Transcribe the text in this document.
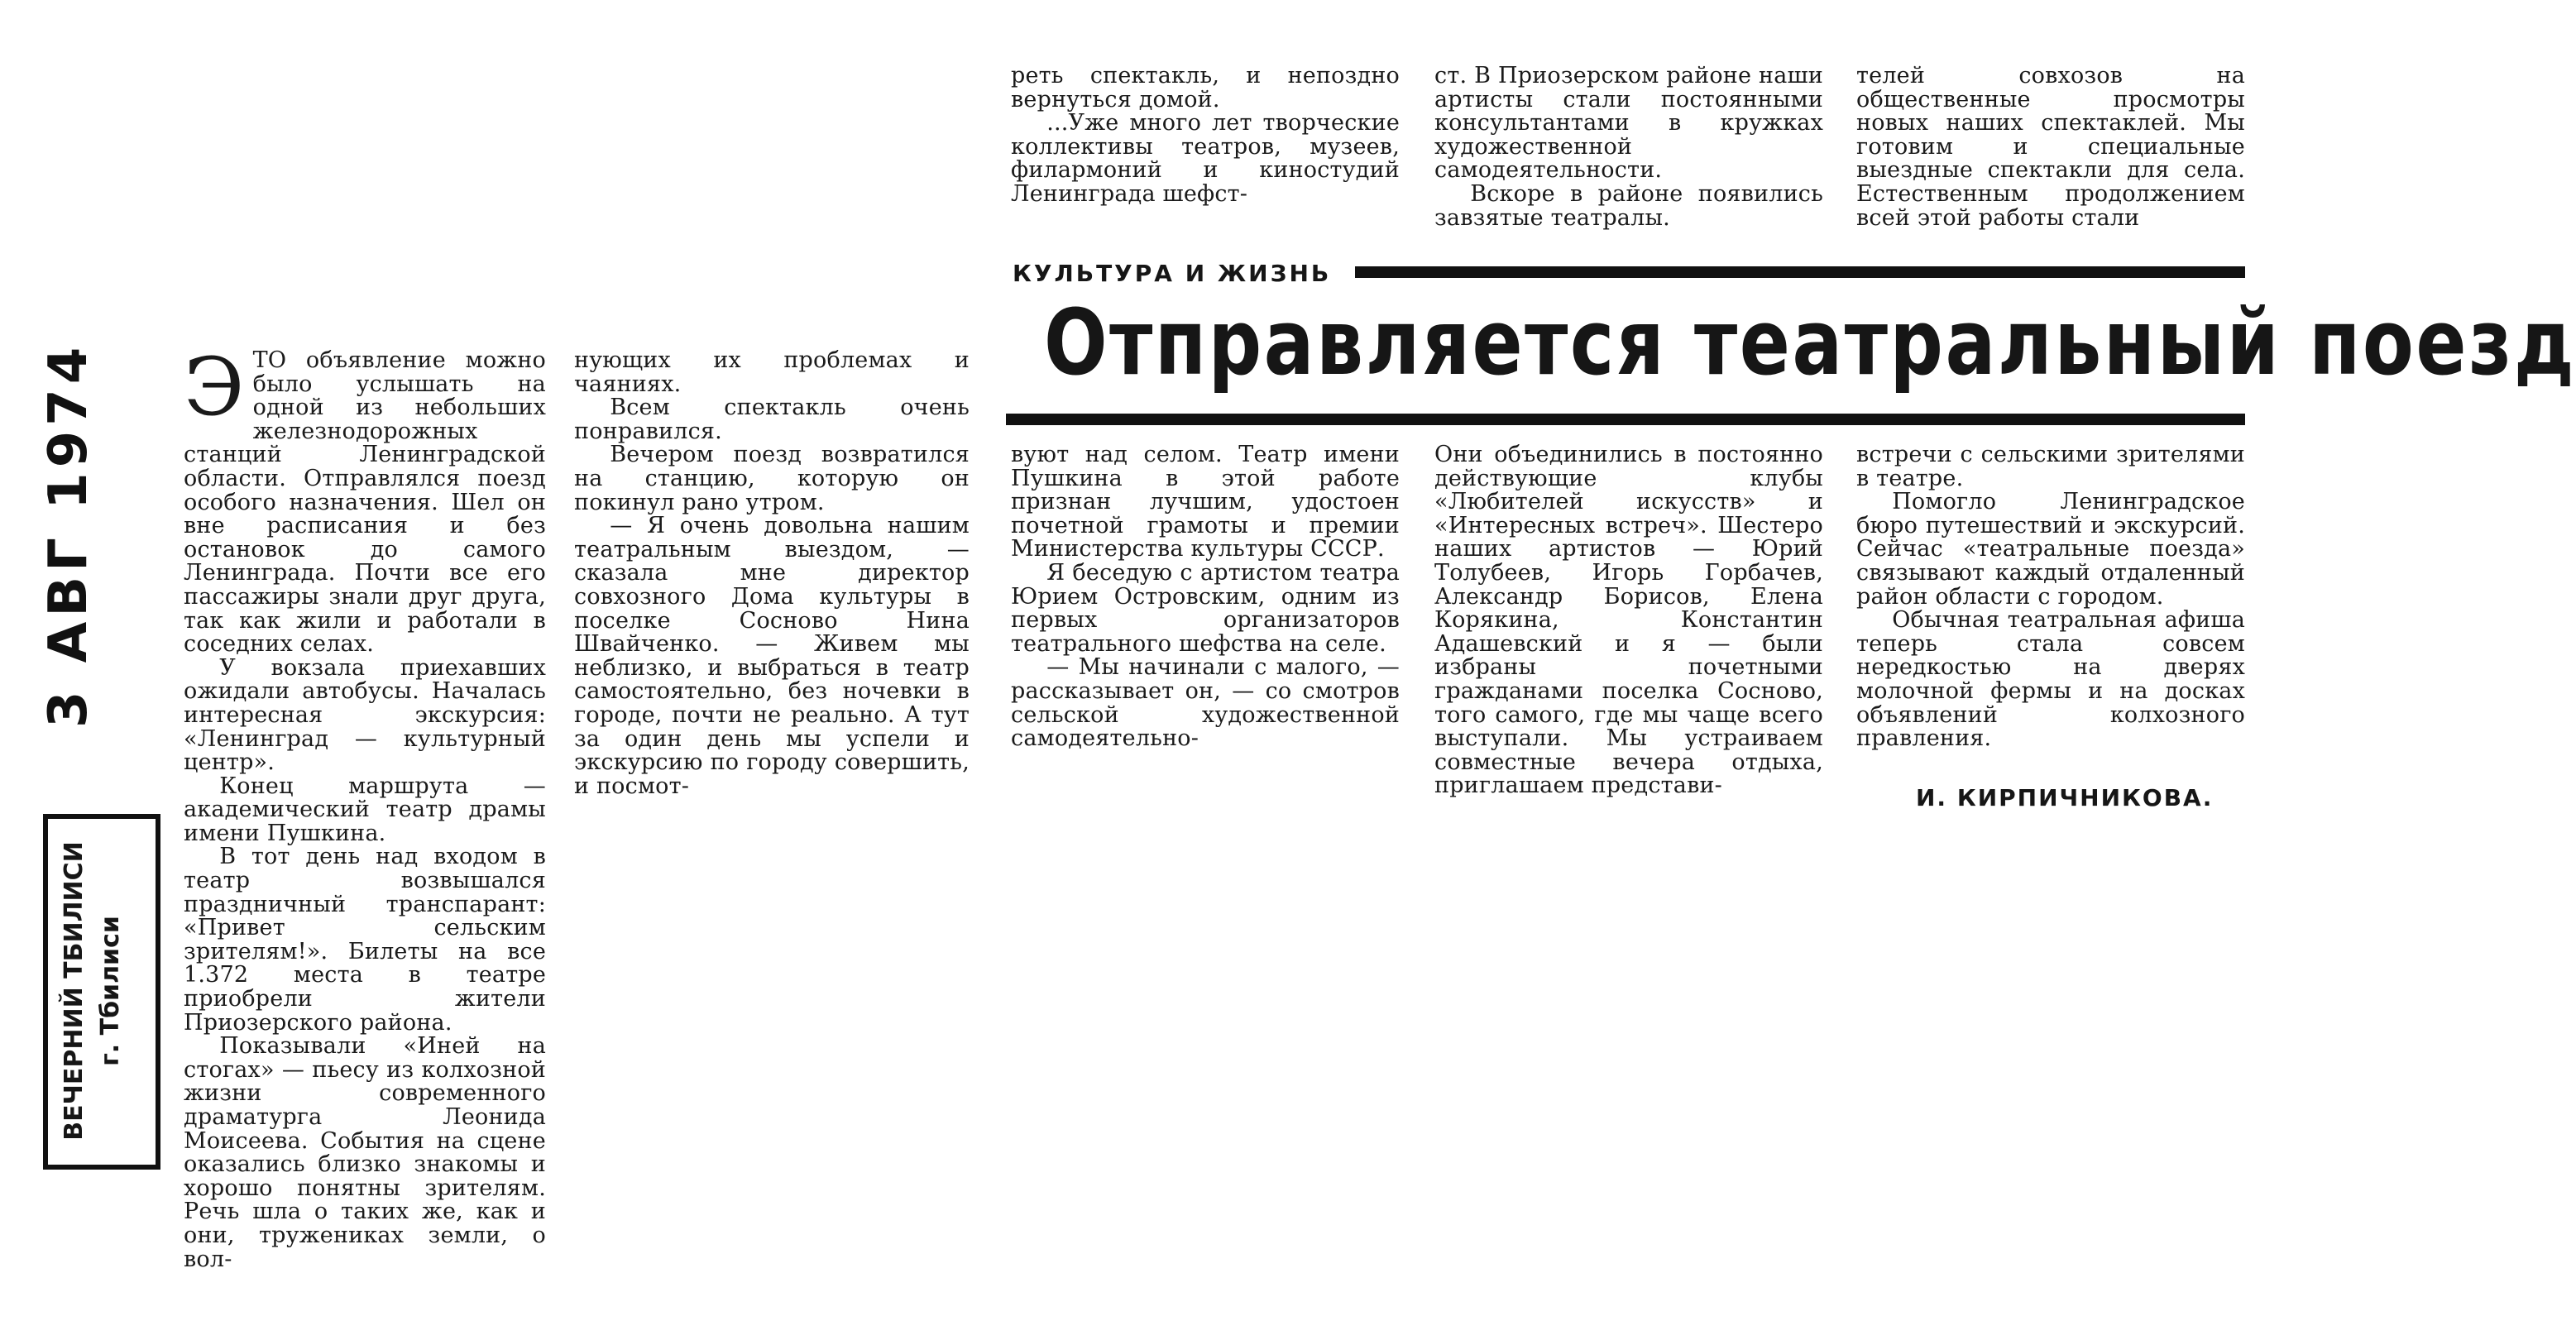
3 АВГ 1974
ВЕЧЕРНИЙ ТБИЛИСИ г. Тбилиси
Э ТО объявление можно было услышать на одной из небольших железнодорожных станций Ленинградской области. Отправлялся поезд особого назначения. Шел он вне расписания и без остановок до самого Ленинграда. Почти все его пассажиры знали друг друга, так как жили и работали в соседних селах.

У вокзала приехавших ожидали автобусы. Началась интересная экскурсия: «Ленинград — культурный центр».

Конец маршрута — академический театр драмы имени Пушкина.

В тот день над входом в театр возвышался праздничный транспарант: «Привет сельским зрителям!». Билеты на все 1.372 места в театре приобрели жители Приозерского района.

Показывали «Иней на стогах» — пьесу из колхозной жизни современного драматурга Леонида Моисеева. События на сцене оказались близко знакомы и хорошо понятны зрителям. Речь шла о таких же, как и они, тружениках земли, о вол-

нующих их проблемах и чаяниях.

Всем спектакль очень понравился.

Вечером поезд возвратился на станцию, которую он покинул рано утром.

— Я очень довольна нашим театральным выездом, — сказала мне директор совхозного Дома культуры в поселке Сосново Нина Швайченко. — Живем мы неблизко, и выбраться в театр самостоятельно, без ночевки в городе, почти не реально. А тут за один день мы успели и экскурсию по городу совершить, и посмот-

реть спектакль, и непоздно вернуться домой.

...Уже много лет творческие коллективы театров, музеев, филармоний и киностудий Ленинграда шефст-

ст. В Приозерском районе наши артисты стали постоянными консультантами в кружках художественной самодеятельности.

Вскоре в районе появились завзятые театралы.

телей совхозов на общественные просмотры новых наших спектаклей. Мы готовим и специальные выездные спектакли для села. Естественным продолжением всей этой работы стали

КУЛЬТУРА И ЖИЗНЬ
Отправляется театральный поезд

вуют над селом. Театр имени Пушкина в этой работе признан лучшим, удостоен почетной грамоты и премии Министерства культуры СССР.

Я беседую с артистом театра Юрием Островским, одним из первых организаторов театрального шефства на селе.

— Мы начинали с малого, — рассказывает он, — со смотров сельской художественной самодеятельно-

Они объединились в постоянно действующие клубы «Любителей искусств» и «Интересных встреч». Шестеро наших артистов — Юрий Толубеев, Игорь Горбачев, Александр Борисов, Елена Корякина, Константин Адашевский и я — были избраны почетными гражданами поселка Сосново, того самого, где мы чаще всего выступали. Мы устраиваем совместные вечера отдыха, приглашаем представи-

встречи с сельскими зрителями в театре.

Помогло Ленинградское бюро путешествий и экскурсий. Сейчас «театральные поезда» связывают каждый отдаленный район области с городом.

Обычная театральная афиша теперь стала совсем нередкостью на дверях молочной фермы и на досках объявлений колхозного правления.

И. КИРПИЧНИКОВА.
